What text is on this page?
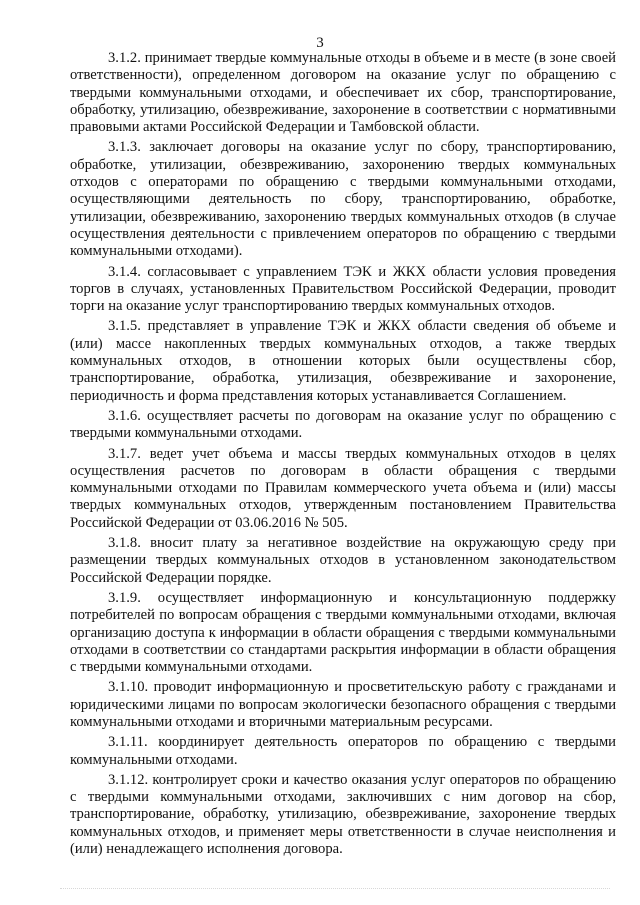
3

3.1.2. принимает твердые коммунальные отходы в объеме и в месте (в зоне своей ответственности), определенном договором на оказание услуг по обращению с твердыми коммунальными отходами, и обеспечивает их сбор, транспортирование, обработку, утилизацию, обезвреживание, захоронение в соответствии с нормативными правовыми актами Российской Федерации и Тамбовской области.

3.1.3. заключает договоры на оказание услуг по сбору, транспортированию, обработке, утилизации, обезвреживанию, захоронению твердых коммунальных отходов с операторами по обращению с твердыми коммунальными отходами, осуществляющими деятельность по сбору, транспортированию, обработке, утилизации, обезвреживанию, захоронению твердых коммунальных отходов (в случае осуществления деятельности с привлечением операторов по обращению с твердыми коммунальными отходами).

3.1.4. согласовывает с управлением ТЭК и ЖКХ области условия проведения торгов в случаях, установленных Правительством Российской Федерации, проводит торги на оказание услуг транспортированию твердых коммунальных отходов.

3.1.5. представляет в управление ТЭК и ЖКХ области сведения об объеме и (или) массе накопленных твердых коммунальных отходов, а также твердых коммунальных отходов, в отношении которых были осуществлены сбор, транспортирование, обработка, утилизация, обезвреживание и захоронение, периодичность и форма представления которых устанавливается Соглашением.

3.1.6. осуществляет расчеты по договорам на оказание услуг по обращению с твердыми коммунальными отходами.

3.1.7. ведет учет объема и массы твердых коммунальных отходов в целях осуществления расчетов по договорам в области обращения с твердыми коммунальными отходами по Правилам коммерческого учета объема и (или) массы твердых коммунальных отходов, утвержденным постановлением Правительства Российской Федерации от 03.06.2016 № 505.

3.1.8. вносит плату за негативное воздействие на окружающую среду при размещении твердых коммунальных отходов в установленном законодательством Российской Федерации порядке.

3.1.9. осуществляет информационную и консультационную поддержку потребителей по вопросам обращения с твердыми коммунальными отходами, включая организацию доступа к информации в области обращения с твердыми коммунальными отходами в соответствии со стандартами раскрытия информации в области обращения с твердыми коммунальными отходами.

3.1.10. проводит информационную и просветительскую работу с гражданами и юридическими лицами по вопросам экологически безопасного обращения с твердыми коммунальными отходами и вторичными материальным ресурсами.

3.1.11. координирует деятельность операторов по обращению с твердыми коммунальными отходами.

3.1.12. контролирует сроки и качество оказания услуг операторов по обращению с твердыми коммунальными отходами, заключивших с ним договор на сбор, транспортирование, обработку, утилизацию, обезвреживание, захоронение твердых коммунальных отходов, и применяет меры ответственности в случае неисполнения и (или) ненадлежащего исполнения договора.
